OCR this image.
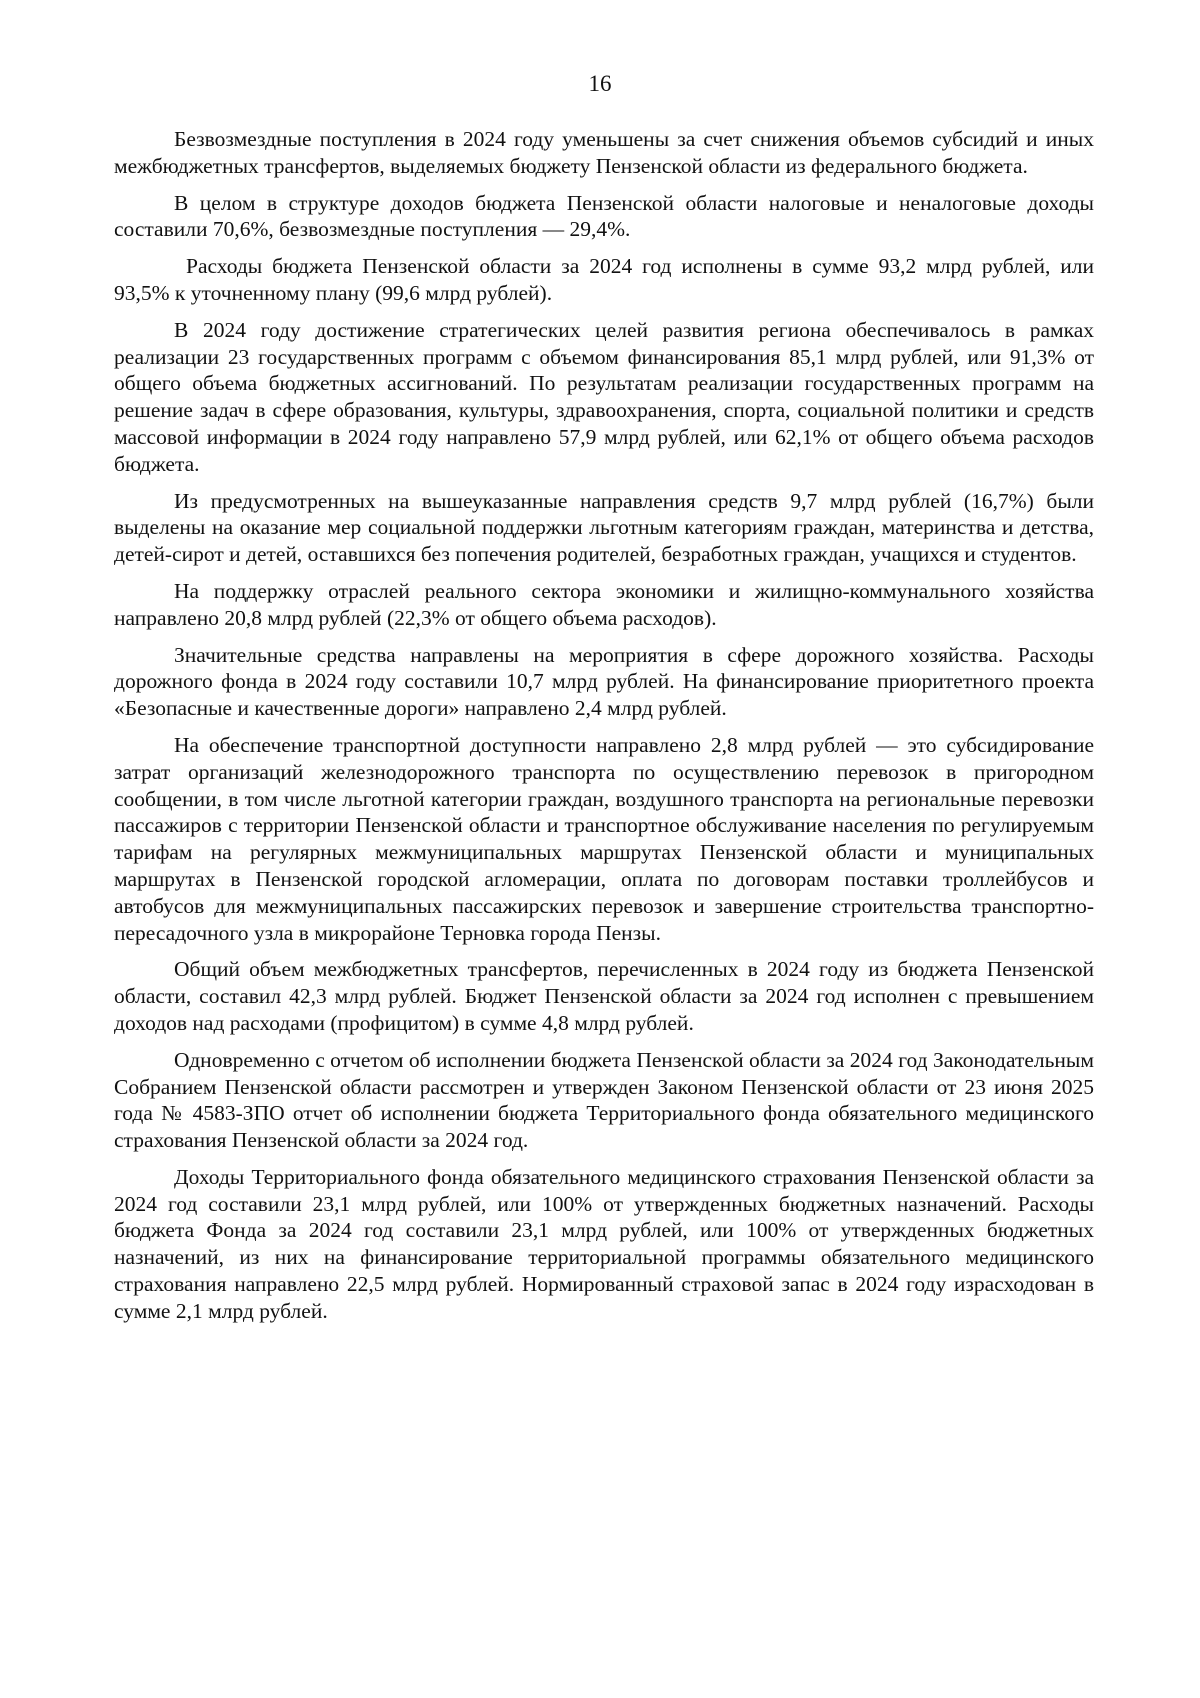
16

Безвозмездные поступления в 2024 году уменьшены за счет снижения объемов субсидий и иных межбюджетных трансфертов, выделяемых бюджету Пензенской области из федерального бюджета.

В целом в структуре доходов бюджета Пензенской области налоговые и неналоговые доходы составили 70,6%, безвозмездные поступления — 29,4%.

Расходы бюджета Пензенской области за 2024 год исполнены в сумме 93,2 млрд рублей, или 93,5% к уточненному плану (99,6 млрд рублей).

В 2024 году достижение стратегических целей развития региона обеспечивалось в рамках реализации 23 государственных программ с объемом финансирования 85,1 млрд рублей, или 91,3% от общего объема бюджетных ассигнований. По результатам реализации государственных программ на решение задач в сфере образования, культуры, здравоохранения, спорта, социальной политики и средств массовой информации в 2024 году направлено 57,9 млрд рублей, или 62,1% от общего объема расходов бюджета.

Из предусмотренных на вышеуказанные направления средств 9,7 млрд рублей (16,7%) были выделены на оказание мер социальной поддержки льготным категориям граждан, материнства и детства, детей-сирот и детей, оставшихся без попечения родителей, безработных граждан, учащихся и студентов.

На поддержку отраслей реального сектора экономики и жилищно-коммунального хозяйства направлено 20,8 млрд рублей (22,3% от общего объема расходов).

Значительные средства направлены на мероприятия в сфере дорожного хозяйства. Расходы дорожного фонда в 2024 году составили 10,7 млрд рублей. На финансирование приоритетного проекта «Безопасные и качественные дороги» направлено 2,4 млрд рублей.

На обеспечение транспортной доступности направлено 2,8 млрд рублей — это субсидирование затрат организаций железнодорожного транспорта по осуществлению перевозок в пригородном сообщении, в том числе льготной категории граждан, воздушного транспорта на региональные перевозки пассажиров с территории Пензенской области и транспортное обслуживание населения по регулируемым тарифам на регулярных межмуниципальных маршрутах Пензенской области и муниципальных маршрутах в Пензенской городской агломерации, оплата по договорам поставки троллейбусов и автобусов для межмуниципальных пассажирских перевозок и завершение строительства транспортно-пересадочного узла в микрорайоне Терновка города Пензы.

Общий объем межбюджетных трансфертов, перечисленных в 2024 году из бюджета Пензенской области, составил 42,3 млрд рублей. Бюджет Пензенской области за 2024 год исполнен с превышением доходов над расходами (профицитом) в сумме 4,8 млрд рублей.

Одновременно с отчетом об исполнении бюджета Пензенской области за 2024 год Законодательным Собранием Пензенской области рассмотрен и утвержден Законом Пензенской области от 23 июня 2025 года № 4583-ЗПО отчет об исполнении бюджета Территориального фонда обязательного медицинского страхования Пензенской области за 2024 год.

Доходы Территориального фонда обязательного медицинского страхования Пензенской области за 2024 год составили 23,1 млрд рублей, или 100% от утвержденных бюджетных назначений. Расходы бюджета Фонда за 2024 год составили 23,1 млрд рублей, или 100% от утвержденных бюджетных назначений, из них на финансирование территориальной программы обязательного медицинского страхования направлено 22,5 млрд рублей. Нормированный страховой запас в 2024 году израсходован в сумме 2,1 млрд рублей.
